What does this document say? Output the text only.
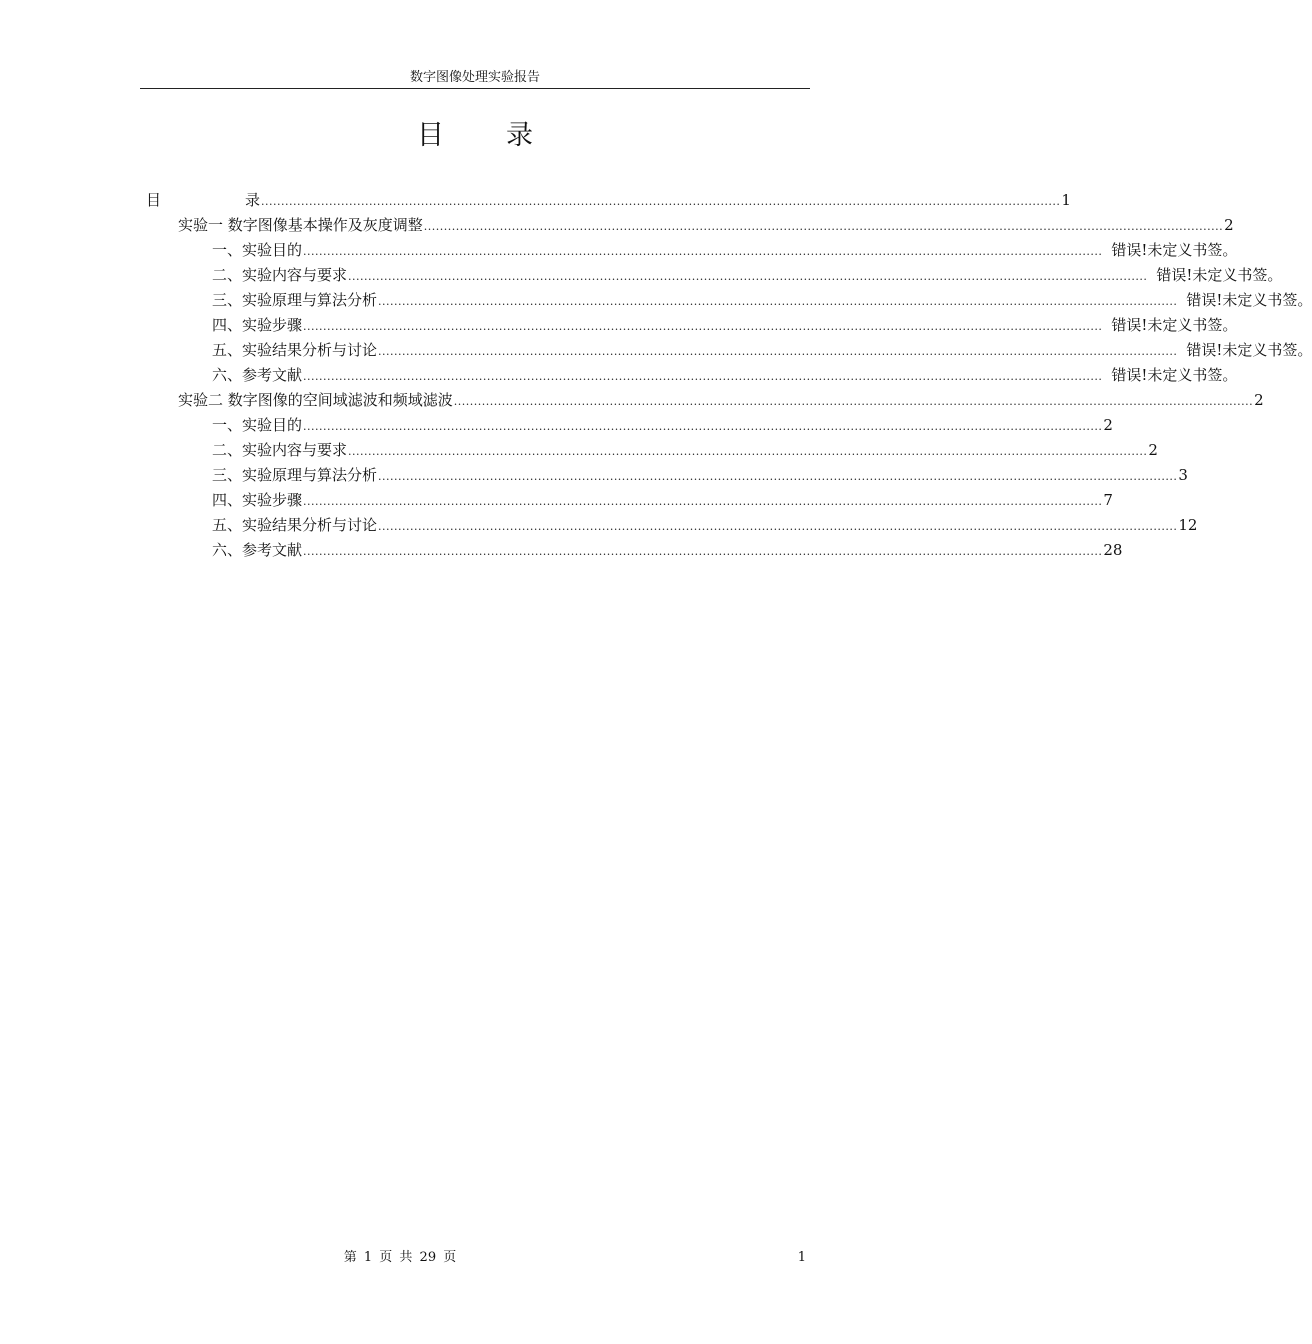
数字图像处理实验报告
目 录
目	录 ........................................................................................................................................................................................................ 1
实验一 数字图像基本操作及灰度调整 ........................................................................................................................................................................................................ 2
一、实验目的 ........................................................................................................................................................................................................ 错误!未定义书签。
二、实验内容与要求 ........................................................................................................................................................................................................ 错误!未定义书签。
三、实验原理与算法分析 ........................................................................................................................................................................................................ 错误!未定义书签。
四、实验步骤 ........................................................................................................................................................................................................ 错误!未定义书签。
五、实验结果分析与讨论 ........................................................................................................................................................................................................ 错误!未定义书签。
六、参考文献 ........................................................................................................................................................................................................ 错误!未定义书签。
实验二 数字图像的空间域滤波和频域滤波 ........................................................................................................................................................................................................ 2
一、实验目的 ........................................................................................................................................................................................................ 2
二、实验内容与要求 ........................................................................................................................................................................................................ 2
三、实验原理与算法分析 ........................................................................................................................................................................................................ 3
四、实验步骤 ........................................................................................................................................................................................................ 7
五、实验结果分析与讨论 ........................................................................................................................................................................................................ 12
六、参考文献 ........................................................................................................................................................................................................ 28
第 1 页 共 29 页	1
